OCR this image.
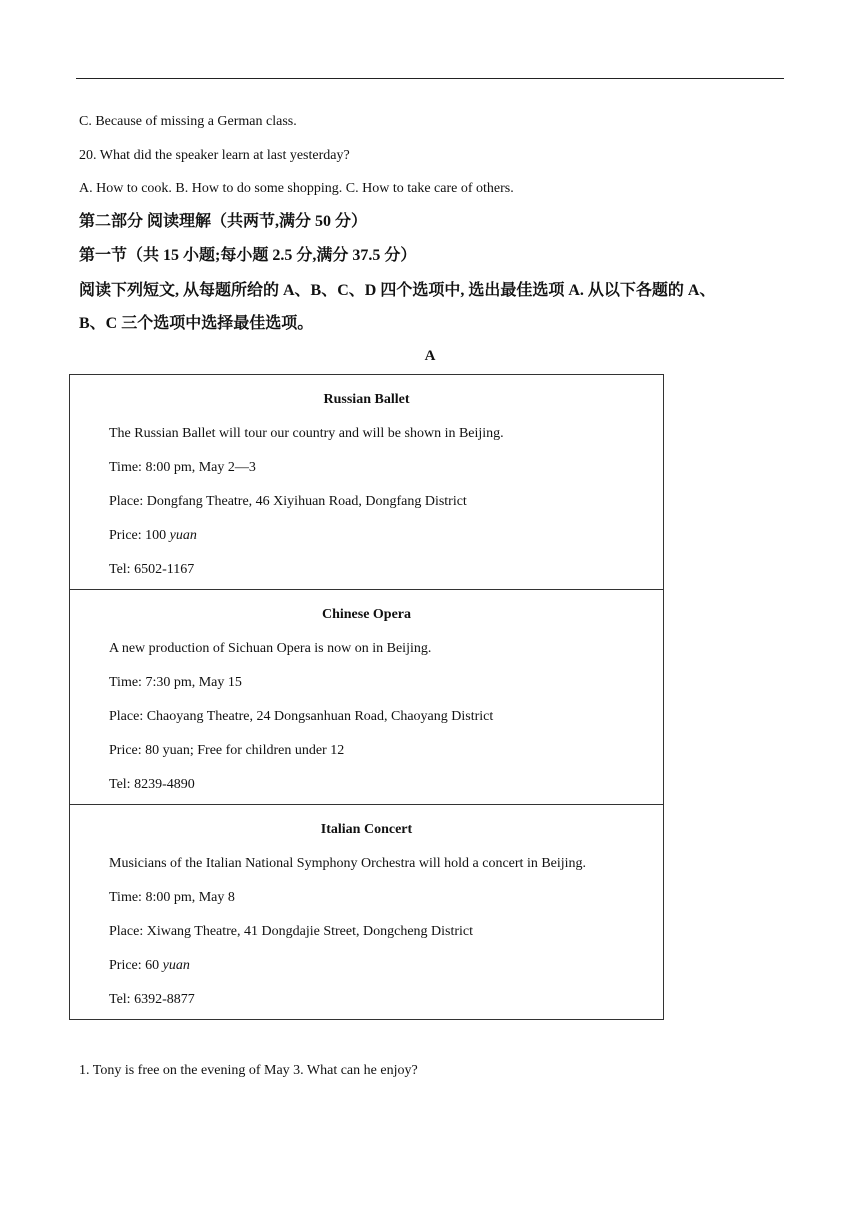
C. Because of missing a German class.
20. What did the speaker learn at last yesterday?
A. How to cook. B. How to do some shopping. C. How to take care of others.
第二部分 阅读理解（共两节,满分 50 分）
第一节（共 15 小题;每小题 2.5 分,满分 37.5 分）
阅读下列短文, 从每题所给的 A、B、C、D 四个选项中, 选出最佳选项 A. 从以下各题的 A、
B、C 三个选项中选择最佳选项。
A
Russian Ballet
The Russian Ballet will tour our country and will be shown in Beijing.
Time: 8:00 pm, May 2—3
Place: Dongfang Theatre, 46 Xiyihuan Road, Dongfang District
Price: 100 yuan
Tel: 6502-1167
Chinese Opera
A new production of Sichuan Opera is now on in Beijing.
Time: 7:30 pm, May 15
Place: Chaoyang Theatre, 24 Dongsanhuan Road, Chaoyang District
Price: 80 yuan; Free for children under 12
Tel: 8239-4890
Italian Concert
Musicians of the Italian National Symphony Orchestra will hold a concert in Beijing.
Time: 8:00 pm, May 8
Place: Xiwang Theatre, 41 Dongdajie Street, Dongcheng District
Price: 60 yuan
Tel: 6392-8877
1. Tony is free on the evening of May 3. What can he enjoy?
